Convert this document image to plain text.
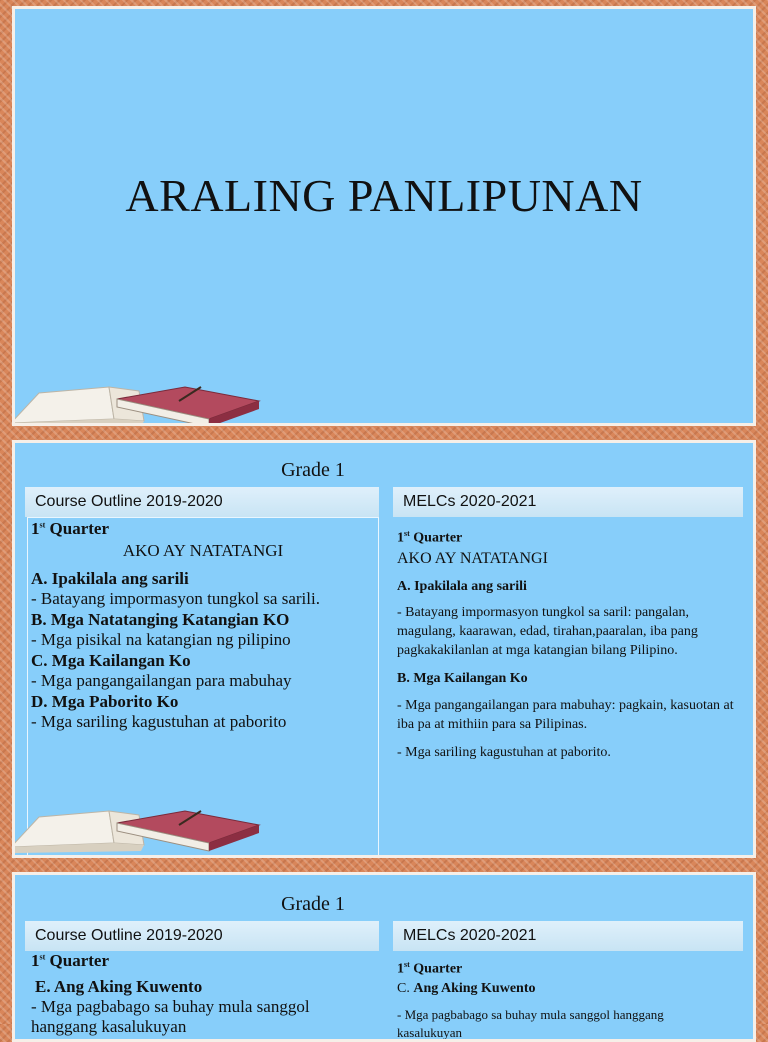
ARALING PANLIPUNAN
Grade 1
Course Outline 2019-2020	MELCs 2020-2021
1st Quarter
AKO AY NATATANGI
A. Ipakilala ang sarili
- Batayang impormasyon tungkol sa sarili.
B. Mga Natatanging Katangian KO
- Mga pisikal na katangian ng pilipino
C. Mga Kailangan Ko
- Mga pangangailangan para mabuhay
D. Mga Paborito Ko
- Mga sariling kagustuhan at paborito
1st Quarter
AKO AY NATATANGI
A. Ipakilala ang sarili
- Batayang impormasyon tungkol sa saril: pangalan, magulang, kaarawan, edad, tirahan,paaralan, iba pang pagkakakilanlan at mga katangian bilang Pilipino.
B. Mga Kailangan Ko
- Mga pangangailangan para mabuhay: pagkain, kasuotan at iba pa at mithiin para sa Pilipinas.
- Mga sariling kagustuhan at paborito.
Grade 1
Course Outline 2019-2020	MELCs 2020-2021
1st Quarter
E. Ang Aking Kuwento
- Mga pagbabago sa buhay mula sanggol
hanggang kasalukuyan
1st Quarter
C. Ang Aking Kuwento
- Mga pagbabago sa buhay mula sanggol hanggang
kasalukuyan
